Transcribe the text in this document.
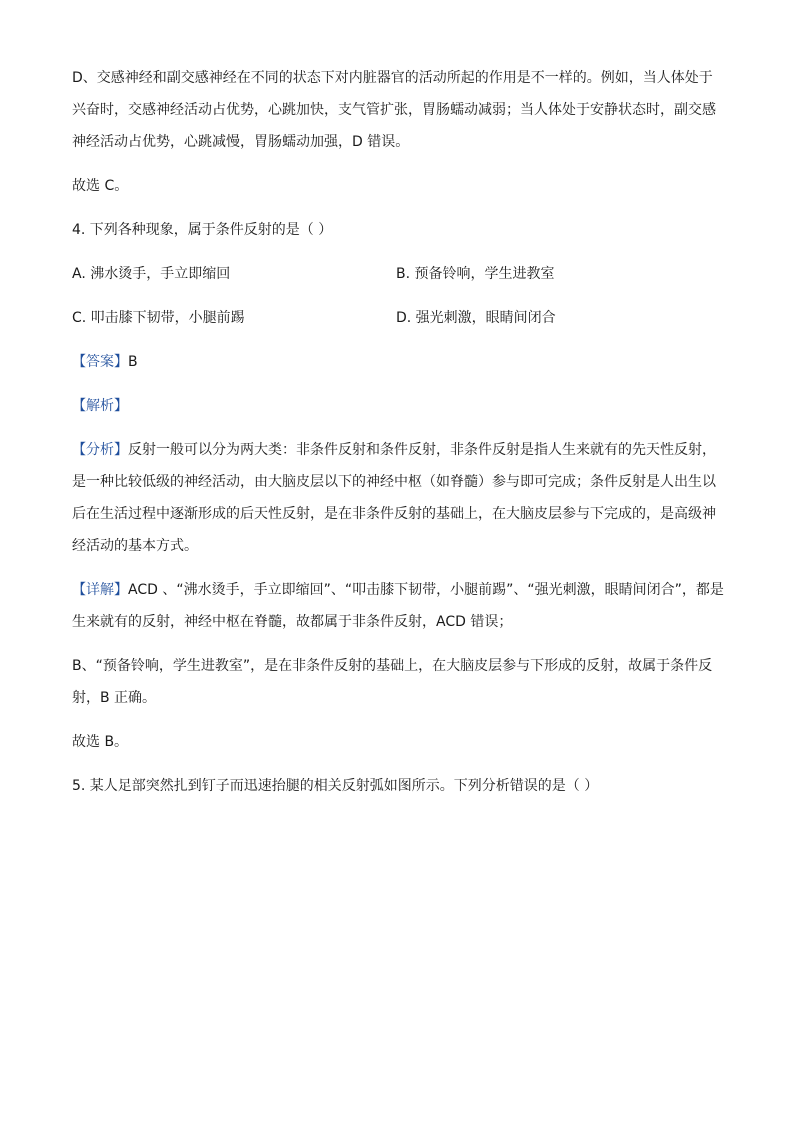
D、交感神经和副交感神经在不同的状态下对内脏器官的活动所起的作用是不一样的。例如，当人体处于

兴奋时，交感神经活动占优势，心跳加快，支气管扩张，胃肠蠕动减弱；当人体处于安静状态时，副交感

神经活动占优势，心跳减慢，胃肠蠕动加强，D 错误。

故选 C。

4. 下列各种现象，属于条件反射的是（ ）

A. 沸水烫手，手立即缩回	B. 预备铃响，学生进教室
C. 叩击膝下韧带，小腿前踢	D. 强光刺激，眼睛间闭合

【答案】B

【解析】

【分析】反射一般可以分为两大类：非条件反射和条件反射，非条件反射是指人生来就有的先天性反射，

是一种比较低级的神经活动，由大脑皮层以下的神经中枢（如脊髓）参与即可完成；条件反射是人出生以

后在生活过程中逐渐形成的后天性反射，是在非条件反射的基础上，在大脑皮层参与下完成的，是高级神

经活动的基本方式。

【详解】ACD 、“沸水烫手，手立即缩回”、“叩击膝下韧带，小腿前踢”、“强光刺激，眼睛间闭合”，都是

生来就有的反射，神经中枢在脊髓，故都属于非条件反射，ACD 错误；

B、“预备铃响，学生进教室”，是在非条件反射的基础上，在大脑皮层参与下形成的反射，故属于条件反

射，B 正确。

故选 B。

5. 某人足部突然扎到钉子而迅速抬腿的相关反射弧如图所示。下列分析错误的是（ ）
